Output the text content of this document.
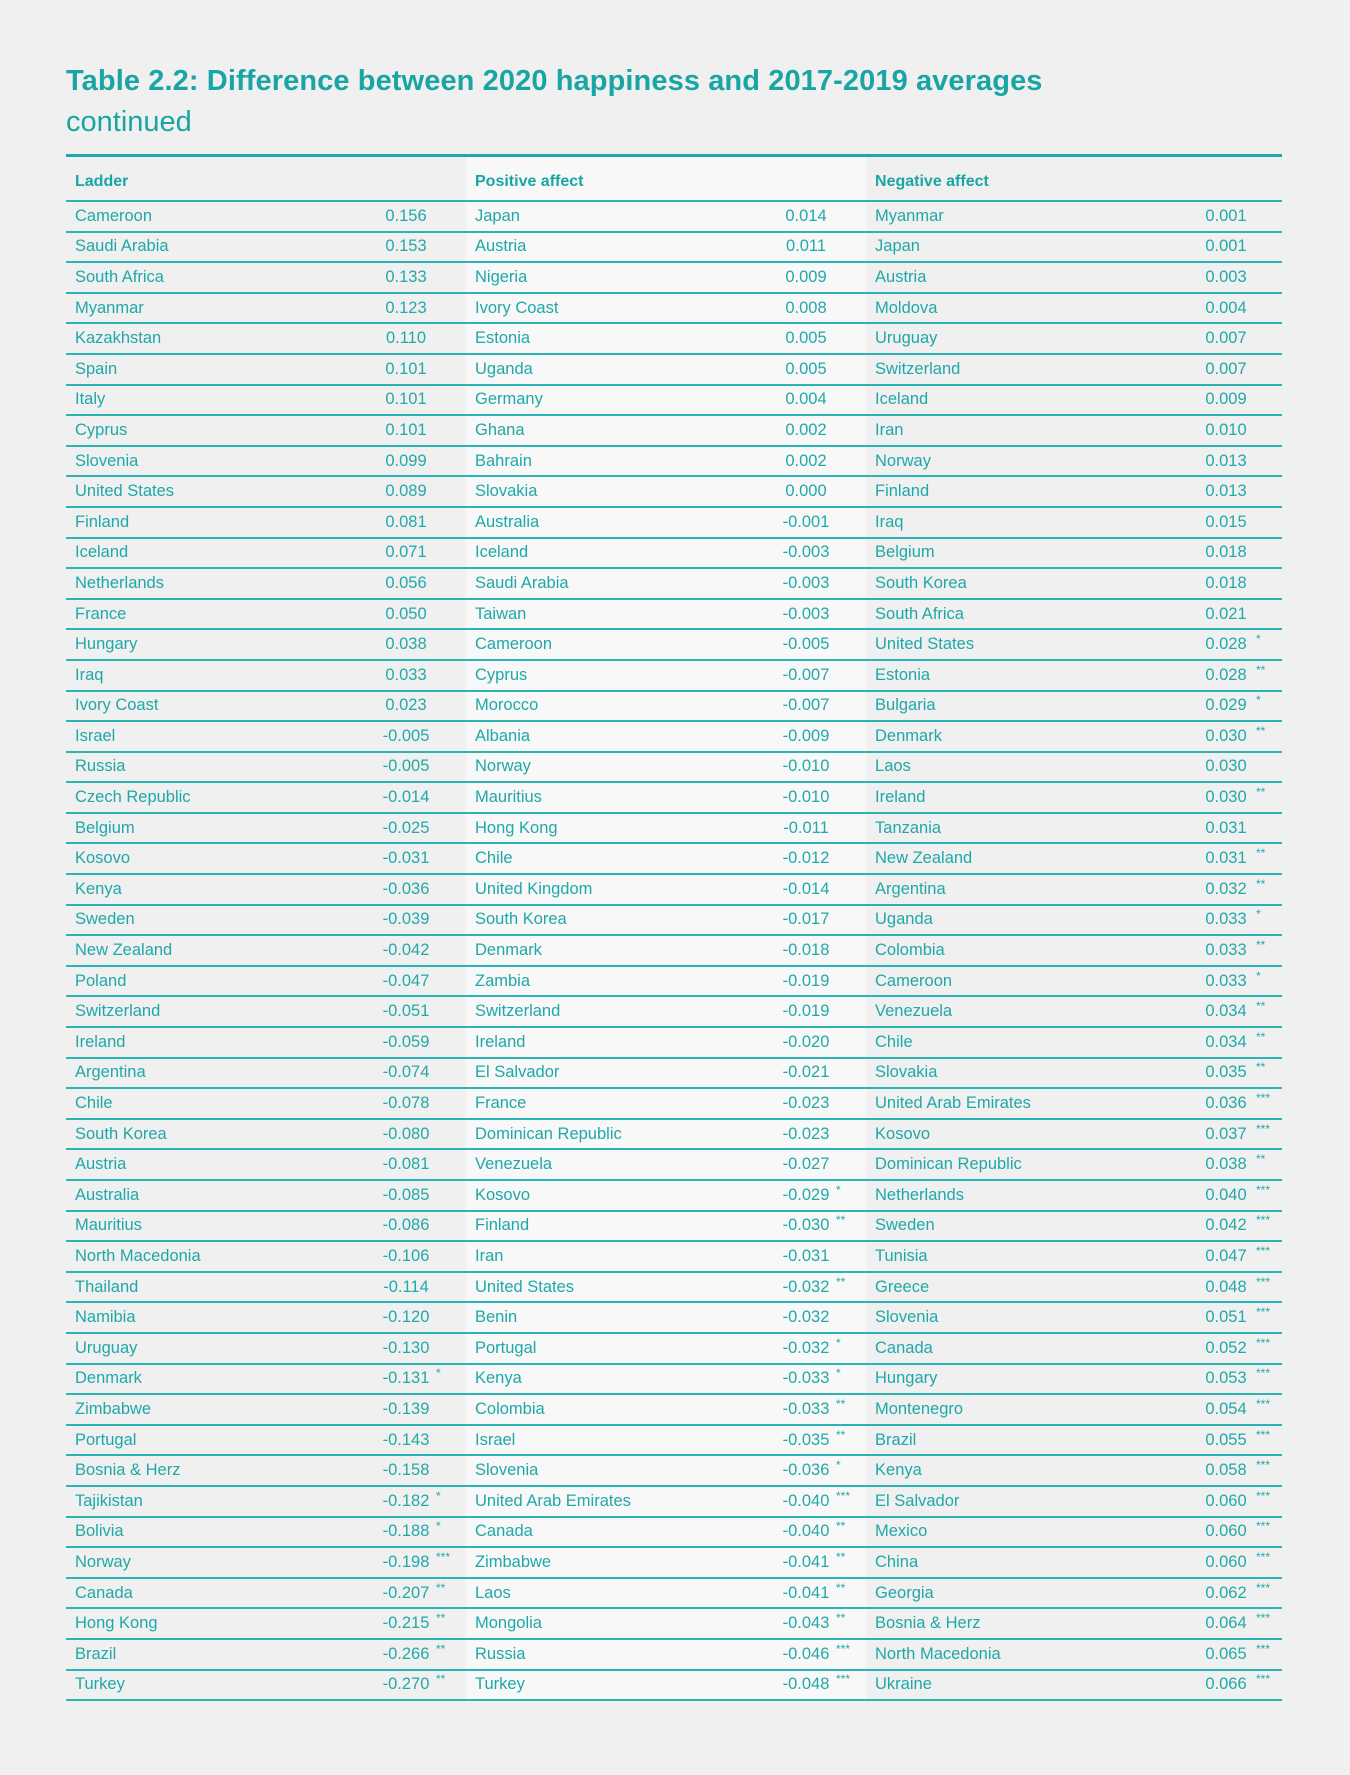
Table 2.2: Difference between 2020 happiness and 2017-2019 averages
continued
Ladder		Positive affect		Negative affect	
Cameroon	0.156	Japan	0.014	Myanmar	0.001

Saudi Arabia	0.153	Austria	0.011	Japan	0.001

South Africa	0.133	Nigeria	0.009	Austria	0.003

Myanmar	0.123	Ivory Coast	0.008	Moldova	0.004

Kazakhstan	0.110	Estonia	0.005	Uruguay	0.007

Spain	0.101	Uganda	0.005	Switzerland	0.007

Italy	0.101	Germany	0.004	Iceland	0.009

Cyprus	0.101	Ghana	0.002	Iran	0.010

Slovenia	0.099	Bahrain	0.002	Norway	0.013

United States	0.089	Slovakia	0.000	Finland	0.013

Finland	0.081	Australia	-0.001	Iraq	0.015

Iceland	0.071	Iceland	-0.003	Belgium	0.018

Netherlands	0.056	Saudi Arabia	-0.003	South Korea	0.018

France	0.050	Taiwan	-0.003	South Africa	0.021

Hungary	0.038	Cameroon	-0.005	United States	0.028 *

Iraq	0.033	Cyprus	-0.007	Estonia	0.028 **

Ivory Coast	0.023	Morocco	-0.007	Bulgaria	0.029 *

Israel	-0.005	Albania	-0.009	Denmark	0.030 **

Russia	-0.005	Norway	-0.010	Laos	0.030

Czech Republic	-0.014	Mauritius	-0.010	Ireland	0.030 **

Belgium	-0.025	Hong Kong	-0.011	Tanzania	0.031

Kosovo	-0.031	Chile	-0.012	New Zealand	0.031 **

Kenya	-0.036	United Kingdom	-0.014	Argentina	0.032 **

Sweden	-0.039	South Korea	-0.017	Uganda	0.033 *

New Zealand	-0.042	Denmark	-0.018	Colombia	0.033 **

Poland	-0.047	Zambia	-0.019	Cameroon	0.033 *

Switzerland	-0.051	Switzerland	-0.019	Venezuela	0.034 **

Ireland	-0.059	Ireland	-0.020	Chile	0.034 **

Argentina	-0.074	El Salvador	-0.021	Slovakia	0.035 **

Chile	-0.078	France	-0.023	United Arab Emirates	0.036 ***

South Korea	-0.080	Dominican Republic	-0.023	Kosovo	0.037 ***

Austria	-0.081	Venezuela	-0.027	Dominican Republic	0.038 **

Australia	-0.085	Kosovo	-0.029 *	Netherlands	0.040 ***

Mauritius	-0.086	Finland	-0.030 **	Sweden	0.042 ***

North Macedonia	-0.106	Iran	-0.031	Tunisia	0.047 ***

Thailand	-0.114	United States	-0.032 **	Greece	0.048 ***

Namibia	-0.120	Benin	-0.032	Slovenia	0.051 ***

Uruguay	-0.130	Portugal	-0.032 *	Canada	0.052 ***

Denmark	-0.131 *	Kenya	-0.033 *	Hungary	0.053 ***

Zimbabwe	-0.139	Colombia	-0.033 **	Montenegro	0.054 ***

Portugal	-0.143	Israel	-0.035 **	Brazil	0.055 ***

Bosnia & Herz	-0.158	Slovenia	-0.036 *	Kenya	0.058 ***

Tajikistan	-0.182 *	United Arab Emirates	-0.040 ***	El Salvador	0.060 ***

Bolivia	-0.188 *	Canada	-0.040 **	Mexico	0.060 ***

Norway	-0.198 ***	Zimbabwe	-0.041 **	China	0.060 ***

Canada	-0.207 **	Laos	-0.041 **	Georgia	0.062 ***

Hong Kong	-0.215 **	Mongolia	-0.043 **	Bosnia & Herz	0.064 ***

Brazil	-0.266 **	Russia	-0.046 ***	North Macedonia	0.065 ***

Turkey	-0.270 **	Turkey	-0.048 ***	Ukraine	0.066 ***
